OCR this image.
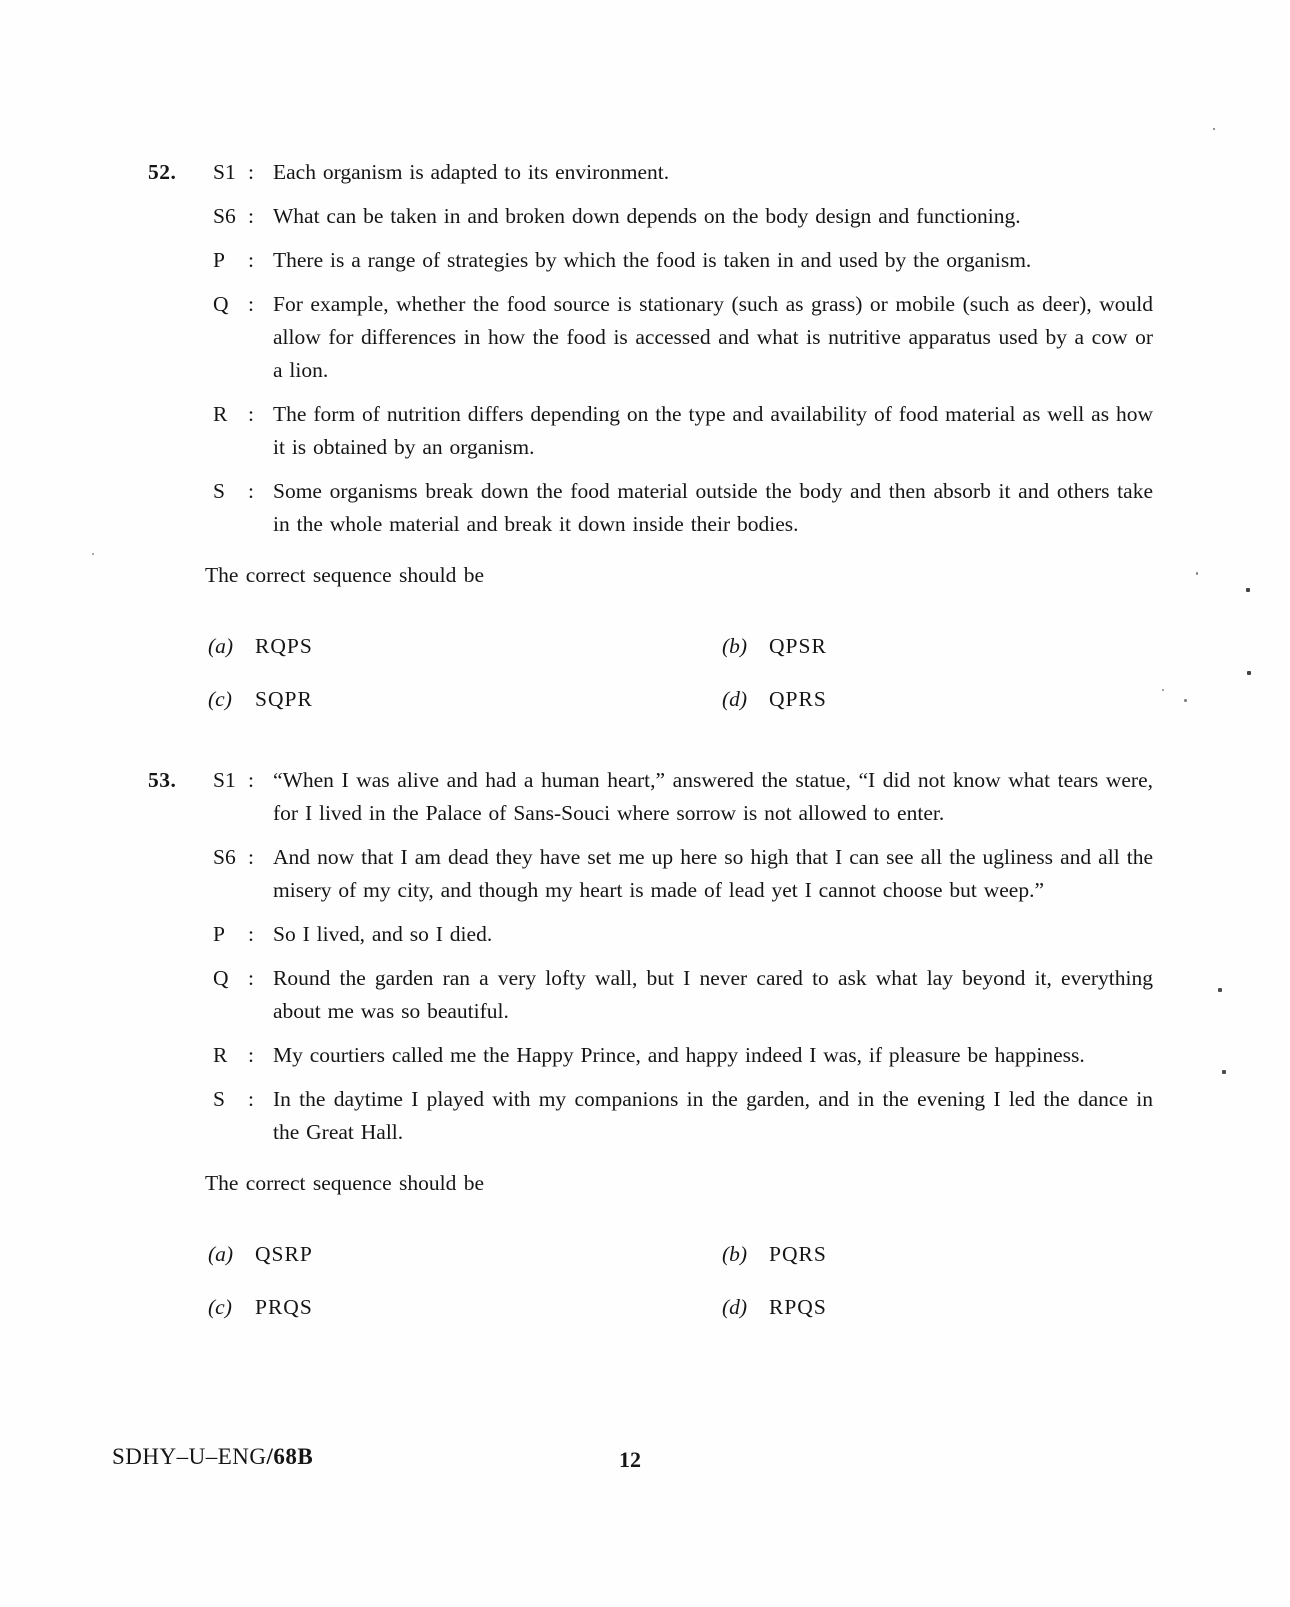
52. S1 : Each organism is adapted to its environment.
S6 : What can be taken in and broken down depends on the body design and functioning.
P	: There is a range of strategies by which the food is taken in and used by the organism.
Q : For example, whether the food source is stationary (such as grass) or mobile (such as deer), would allow for differences in how the food is accessed and what is nutritive apparatus used by a cow or a lion.
R : The form of nutrition differs depending on the type and availability of food material as well as how it is obtained by an organism.
S	: Some organisms break down the food material outside the body and then absorb it and others take in the whole material and break it down inside their bodies.
The correct sequence should be
(a)	RQPS	(b)	QPSR
(c)	SQPR	(d)	QPRS
53. S1 : “When I was alive and had a human heart,” answered the statue, “I did not know what tears were, for I lived in the Palace of Sans-Souci where sorrow is not allowed to enter.
S6 : And now that I am dead they have set me up here so high that I can see all the ugliness and all the misery of my city, and though my heart is made of lead yet I cannot choose but weep.”
P	: So I lived, and so I died.
Q : Round the garden ran a very lofty wall, but I never cared to ask what lay beyond it, everything about me was so beautiful.
R : My courtiers called me the Happy Prince, and happy indeed I was, if pleasure be happiness.
S	: In the daytime I played with my companions in the garden, and in the evening I led the dance in the Great Hall.
The correct sequence should be
(a)	QSRP	(b)	PQRS
(c)	PRQS	(d)	RPQS
SDHY–U–ENG/68B	12
